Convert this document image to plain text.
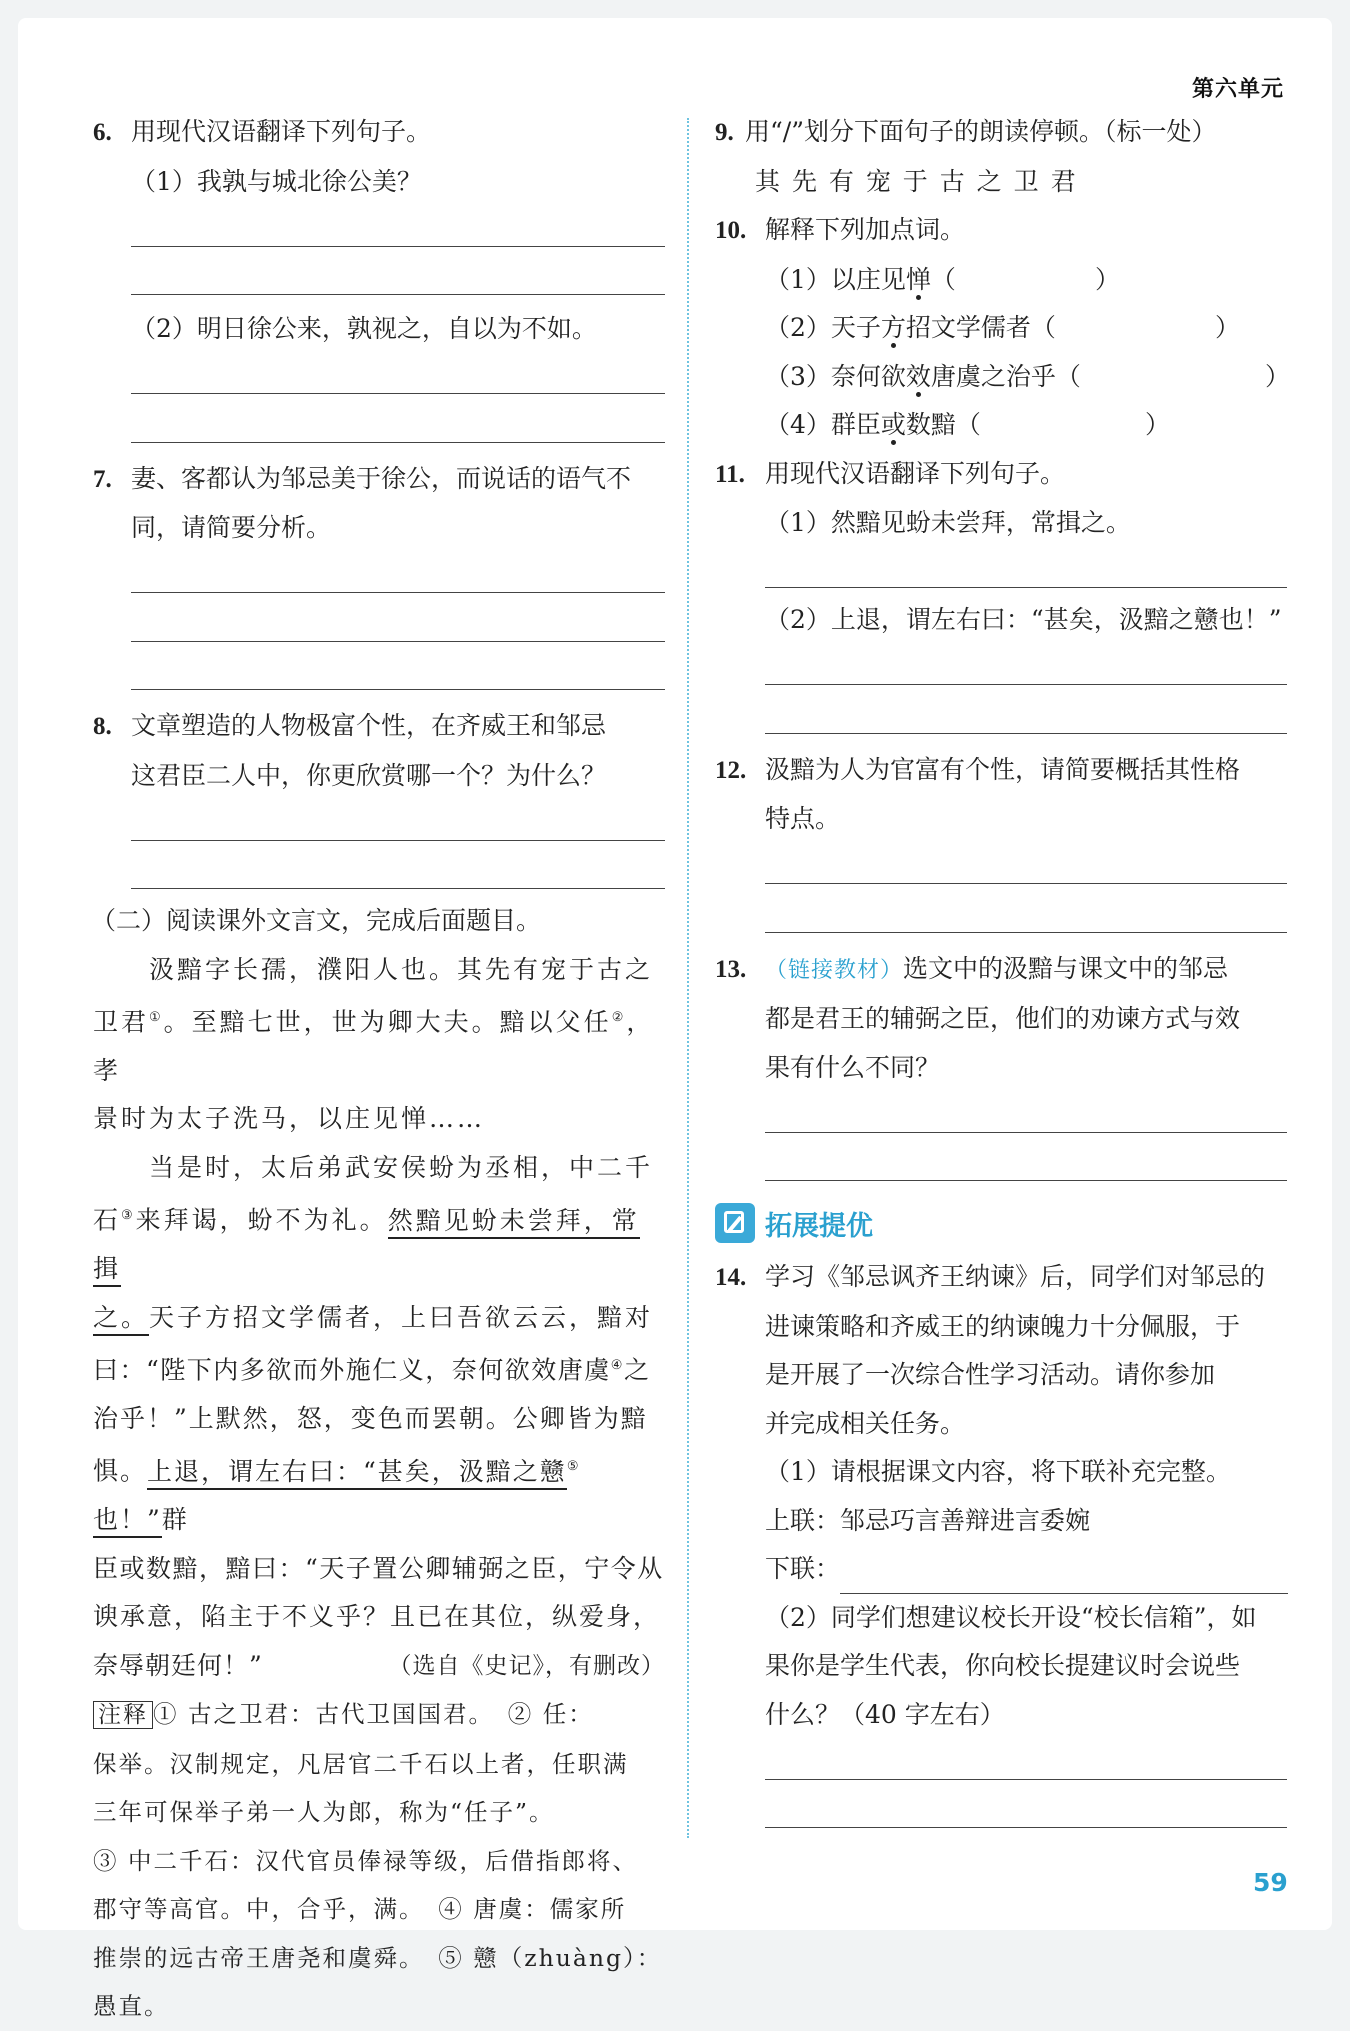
第六单元
6. 用现代汉语翻译下列句子。
（1）我孰与城北徐公美？
（2）明日徐公来，孰视之，自以为不如。
7. 妻、客都认为邹忌美于徐公，而说话的语气不
同，请简要分析。
8. 文章塑造的人物极富个性，在齐威王和邹忌
这君臣二人中，你更欣赏哪一个？为什么？
（二）阅读课外文言文，完成后面题目。
汲黯字长孺，濮阳人也。其先有宠于古之
卫君①。至黯七世，世为卿大夫。黯以父任②，孝
景时为太子洗马，以庄见惮……
当是时，太后弟武安侯蚡为丞相，中二千
石③来拜谒，蚡不为礼。然黯见蚡未尝拜，常揖
之。天子方招文学儒者，上曰吾欲云云，黯对
曰：“陛下内多欲而外施仁义，奈何欲效唐虞④之
治乎！”上默然，怒，变色而罢朝。公卿皆为黯
惧。上退，谓左右曰：“甚矣，汲黯之戆⑤也！”群
臣或数黯，黯曰：“天子置公卿辅弼之臣，宁令从
谀承意，陷主于不义乎？且已在其位，纵爱身，
奈辱朝廷何！”	（选自《史记》，有删改）
注释 ① 古之卫君：古代卫国国君。　② 任：
保举。汉制规定，凡居官二千石以上者，任职满
三年可保举子弟一人为郎，称为“任子”。
③ 中二千石：汉代官员俸禄等级，后借指郎将、
郡守等高官。中，合乎，满。　④ 唐虞：儒家所
推崇的远古帝王唐尧和虞舜。　⑤ 戆（zhuàng）：
愚直。
9. 用“/”划分下面句子的朗读停顿。（标一处）
其 先 有 宠 于 古 之 卫 君
10. 解释下列加点词。
（1）以庄见惮（	）
（2）天子方招文学儒者（	）
（3）奈何欲效唐虞之治乎（	）
（4）群臣或数黯（	）
11. 用现代汉语翻译下列句子。
（1）然黯见蚡未尝拜，常揖之。
（2）上退，谓左右曰：“甚矣，汲黯之戆也！”
12. 汲黯为人为官富有个性，请简要概括其性格
特点。
13. （链接教材）选文中的汲黯与课文中的邹忌
都是君王的辅弼之臣，他们的劝谏方式与效
果有什么不同？
拓展提优
14. 学习《邹忌讽齐王纳谏》后，同学们对邹忌的
进谏策略和齐威王的纳谏魄力十分佩服，于
是开展了一次综合性学习活动。请你参加
并完成相关任务。
（1）请根据课文内容，将下联补充完整。
上联：邹忌巧言善辩进言委婉
下联：
（2）同学们想建议校长开设“校长信箱”，如
果你是学生代表，你向校长提建议时会说些
什么？（40 字左右）
59
